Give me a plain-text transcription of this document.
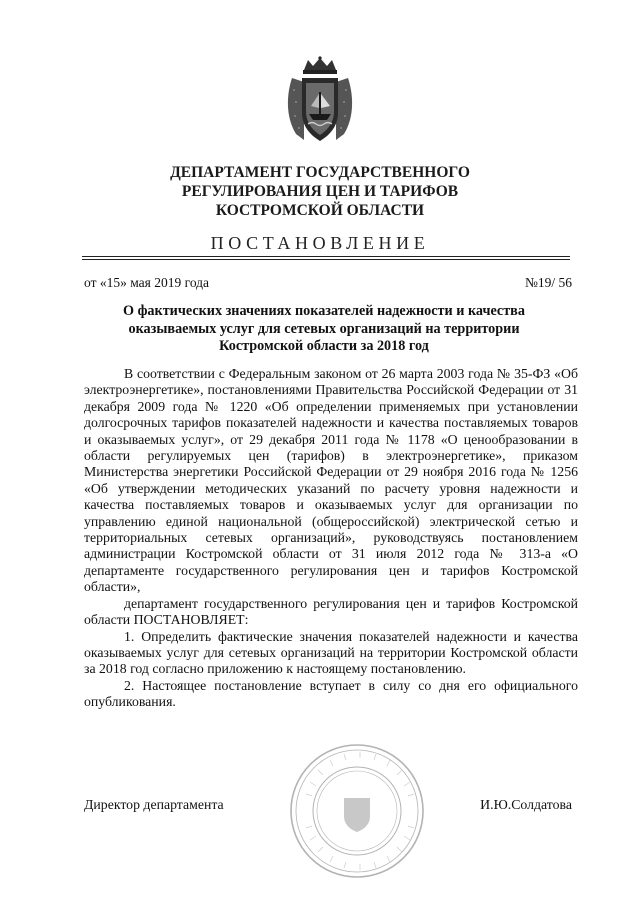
ДЕПАРТАМЕНТ ГОСУДАРСТВЕННОГО
РЕГУЛИРОВАНИЯ ЦЕН И ТАРИФОВ
КОСТРОМСКОЙ ОБЛАСТИ
ПОСТАНОВЛЕНИЕ
от «15» мая 2019 года	№19/ 56
О фактических значениях показателей надежности и качества
оказываемых услуг для сетевых организаций на территории
Костромской области за 2018 год

В соответствии с Федеральным законом от 26 марта 2003 года № 35-ФЗ «Об электроэнергетике», постановлениями Правительства Российской Федерации от 31 декабря 2009 года № 1220 «Об определении применяемых при установлении долгосрочных тарифов показателей надежности и качества поставляемых товаров и оказываемых услуг», от 29 декабря 2011 года № 1178 «О ценообразовании в области регулируемых цен (тарифов) в электроэнергетике», приказом Министерства энергетики Российской Федерации от 29 ноября 2016 года № 1256 «Об утверждении методических указаний по расчету уровня надежности и качества поставляемых товаров и оказываемых услуг для организации по управлению единой национальной (общероссийской) электрической сетью и территориальных сетевых организаций», руководствуясь постановлением администрации Костромской области от 31 июля 2012 года № 313-а «О департаменте государственного регулирования цен и тарифов Костромской области»,

департамент государственного регулирования цен и тарифов Костромской области ПОСТАНОВЛЯЕТ:

1. Определить фактические значения показателей надежности и качества оказываемых услуг для сетевых организаций на территории Костромской области за 2018 год согласно приложению к настоящему постановлению.

2. Настоящее постановление вступает в силу со дня его официального опубликования.

Директор департамента	И.Ю.Солдатова
